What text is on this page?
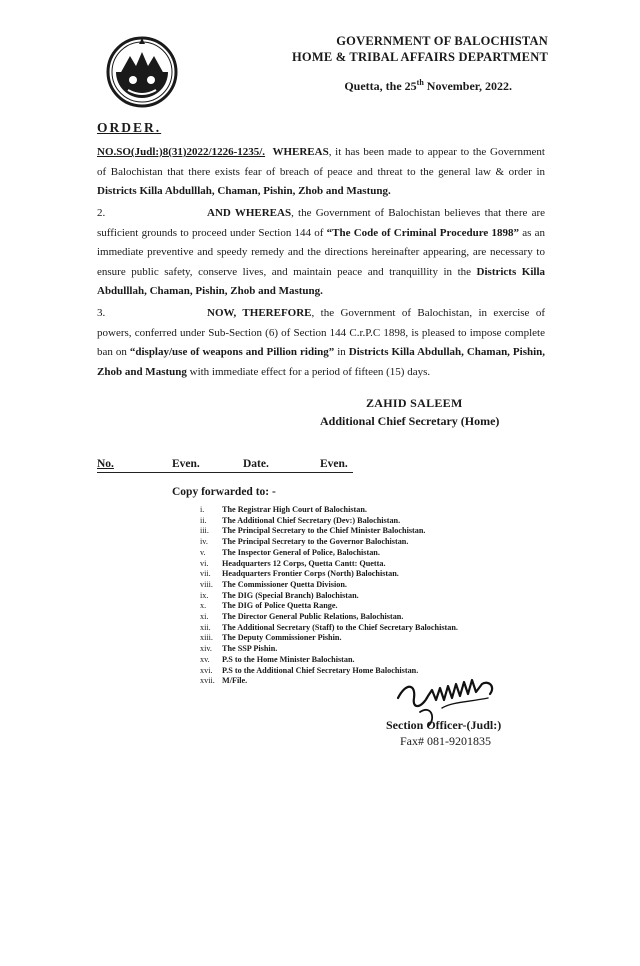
GOVERNMENT OF BALOCHISTAN
HOME & TRIBAL AFFAIRS DEPARTMENT
Quetta, the 25th November, 2022.
ORDER.
NO.SO(Judl:)8(31)2022/1226-1235/. WHEREAS, it has been made to appear to the Government of Balochistan that there exists fear of breach of peace and threat to the general law & order in Districts Killa Abdulllah, Chaman, Pishin, Zhob and Mastung.
2.	AND WHEREAS, the Government of Balochistan believes that there are sufficient grounds to proceed under Section 144 of “The Code of Criminal Procedure 1898” as an immediate preventive and speedy remedy and the directions hereinafter appearing, are necessary to ensure public safety, conserve lives, and maintain peace and tranquillity in the Districts Killa Abdulllah, Chaman, Pishin, Zhob and Mastung.
3.	NOW, THEREFORE, the Government of Balochistan, in exercise of powers, conferred under Sub-Section (6) of Section 144 C.r.P.C 1898, is pleased to impose complete ban on “display/use of weapons and Pillion riding” in Districts Killa Abdullah, Chaman, Pishin, Zhob and Mastung with immediate effect for a period of fifteen (15) days.
ZAHID SALEEM
Additional Chief Secretary (Home)
No.	Even.	Date.	Even.
Copy forwarded to: -
i. The Registrar High Court of Balochistan.
ii. The Additional Chief Secretary (Dev:) Balochistan.
iii. The Principal Secretary to the Chief Minister Balochistan.
iv. The Principal Secretary to the Governor Balochistan.
v. The Inspector General of Police, Balochistan.
vi. Headquarters 12 Corps, Quetta Cantt: Quetta.
vii. Headquarters Frontier Corps (North) Balochistan.
viii. The Commissioner Quetta Division.
ix. The DIG (Special Branch) Balochistan.
x. The DIG of Police Quetta Range.
xi. The Director General Public Relations, Balochistan.
xii. The Additional Secretary (Staff) to the Chief Secretary Balochistan.
xiii. The Deputy Commissioner Pishin.
xiv. The SSP Pishin.
xv. P.S to the Home Minister Balochistan.
xvi. P.S to the Additional Chief Secretary Home Balochistan.
xvii. M/File.
Section Officer-(Judl:)
Fax# 081-9201835
